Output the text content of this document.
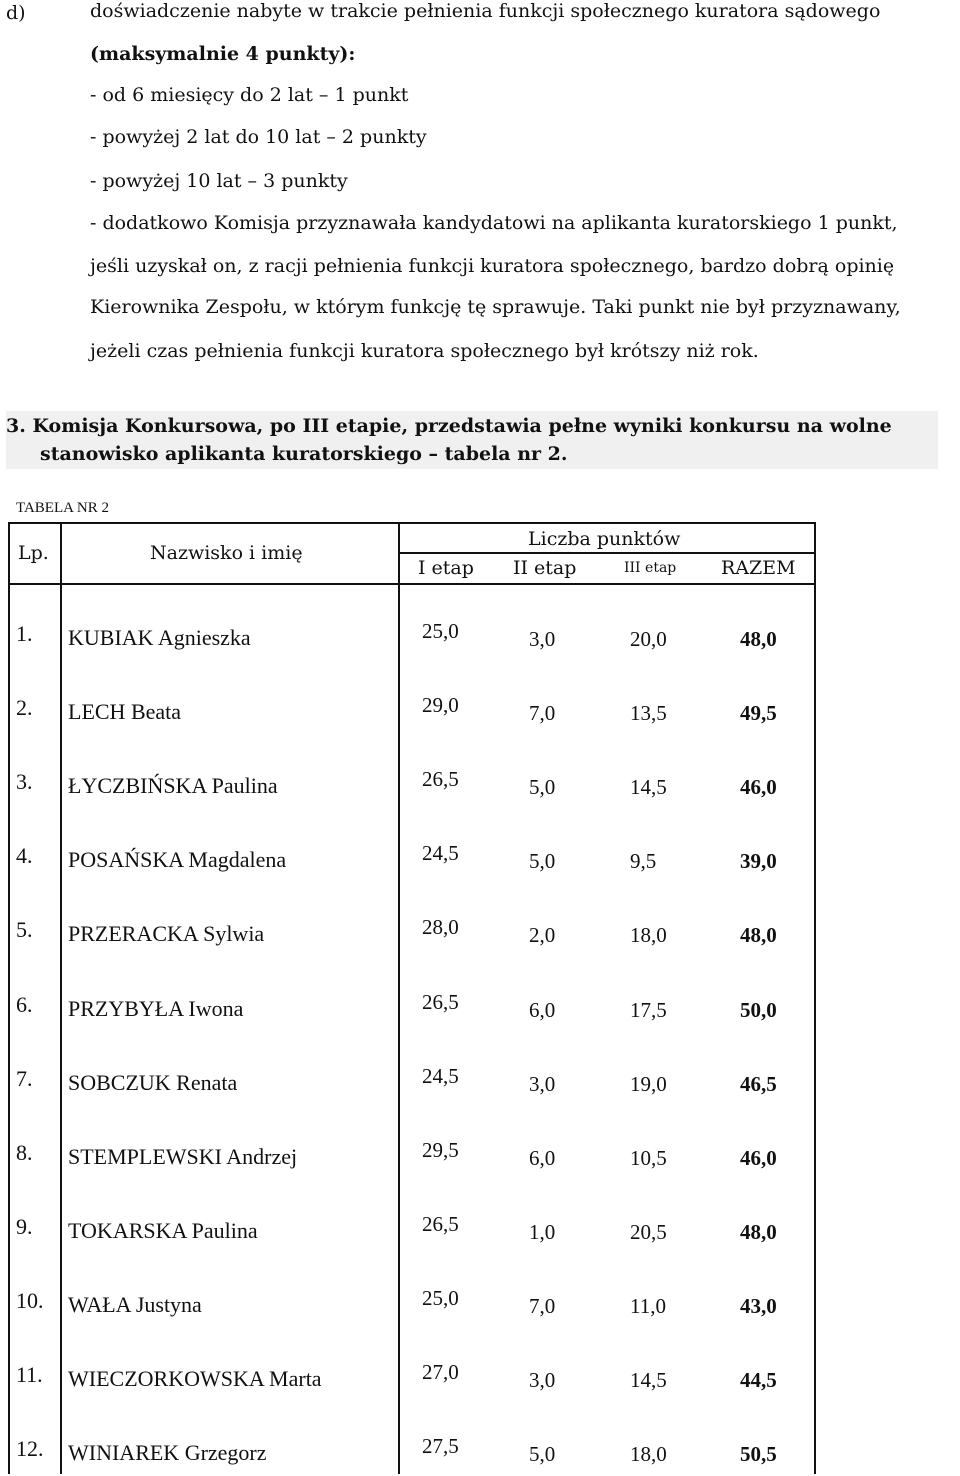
d)	doświadczenie nabyte w trakcie pełnienia funkcji społecznego kuratora sądowego
(maksymalnie 4 punkty):
- od 6 miesięcy do 2 lat – 1 punkt
- powyżej 2 lat do 10 lat – 2 punkty
- powyżej 10 lat – 3 punkty
- dodatkowo Komisja przyznawała kandydatowi na aplikanta kuratorskiego 1 punkt,
jeśli uzyskał on, z racji pełnienia funkcji kuratora społecznego, bardzo dobrą opinię
Kierownika Zespołu, w którym funkcję tę sprawuje. Taki punkt nie był przyznawany,
jeżeli czas pełnienia funkcji kuratora społecznego był krótszy niż rok.
3. Komisja Konkursowa, po III etapie, przedstawia pełne wyniki konkursu na wolne
stanowisko aplikanta kuratorskiego – tabela nr 2.
TABELA NR 2
Lp.	Nazwisko i imię
Liczba punktów
I etap II etap	III etap RAZEM
1. KUBIAK Agnieszka	25,0	3,0	20,0	48,0
2. LECH Beata	29,0	7,0	13,5	49,5
3. ŁYCZBIŃSKA Paulina	26,5	5,0	14,5	46,0
4. POSAŃSKA Magdalena	24,5	5,0	9,5	39,0
5. PRZERACKA Sylwia	28,0	2,0	18,0	48,0
6. PRZYBYŁA Iwona	26,5	6,0	17,5	50,0
7. SOBCZUK Renata	24,5	3,0	19,0	46,5
8. STEMPLEWSKI Andrzej	29,5	6,0	10,5	46,0
9. TOKARSKA Paulina	26,5	1,0	20,5	48,0
10. WAŁA Justyna	25,0	7,0	11,0	43,0
11. WIECZORKOWSKA Marta	27,0	3,0	14,5	44,5
12. WINIAREK Grzegorz	27,5	5,0	18,0	50,5
